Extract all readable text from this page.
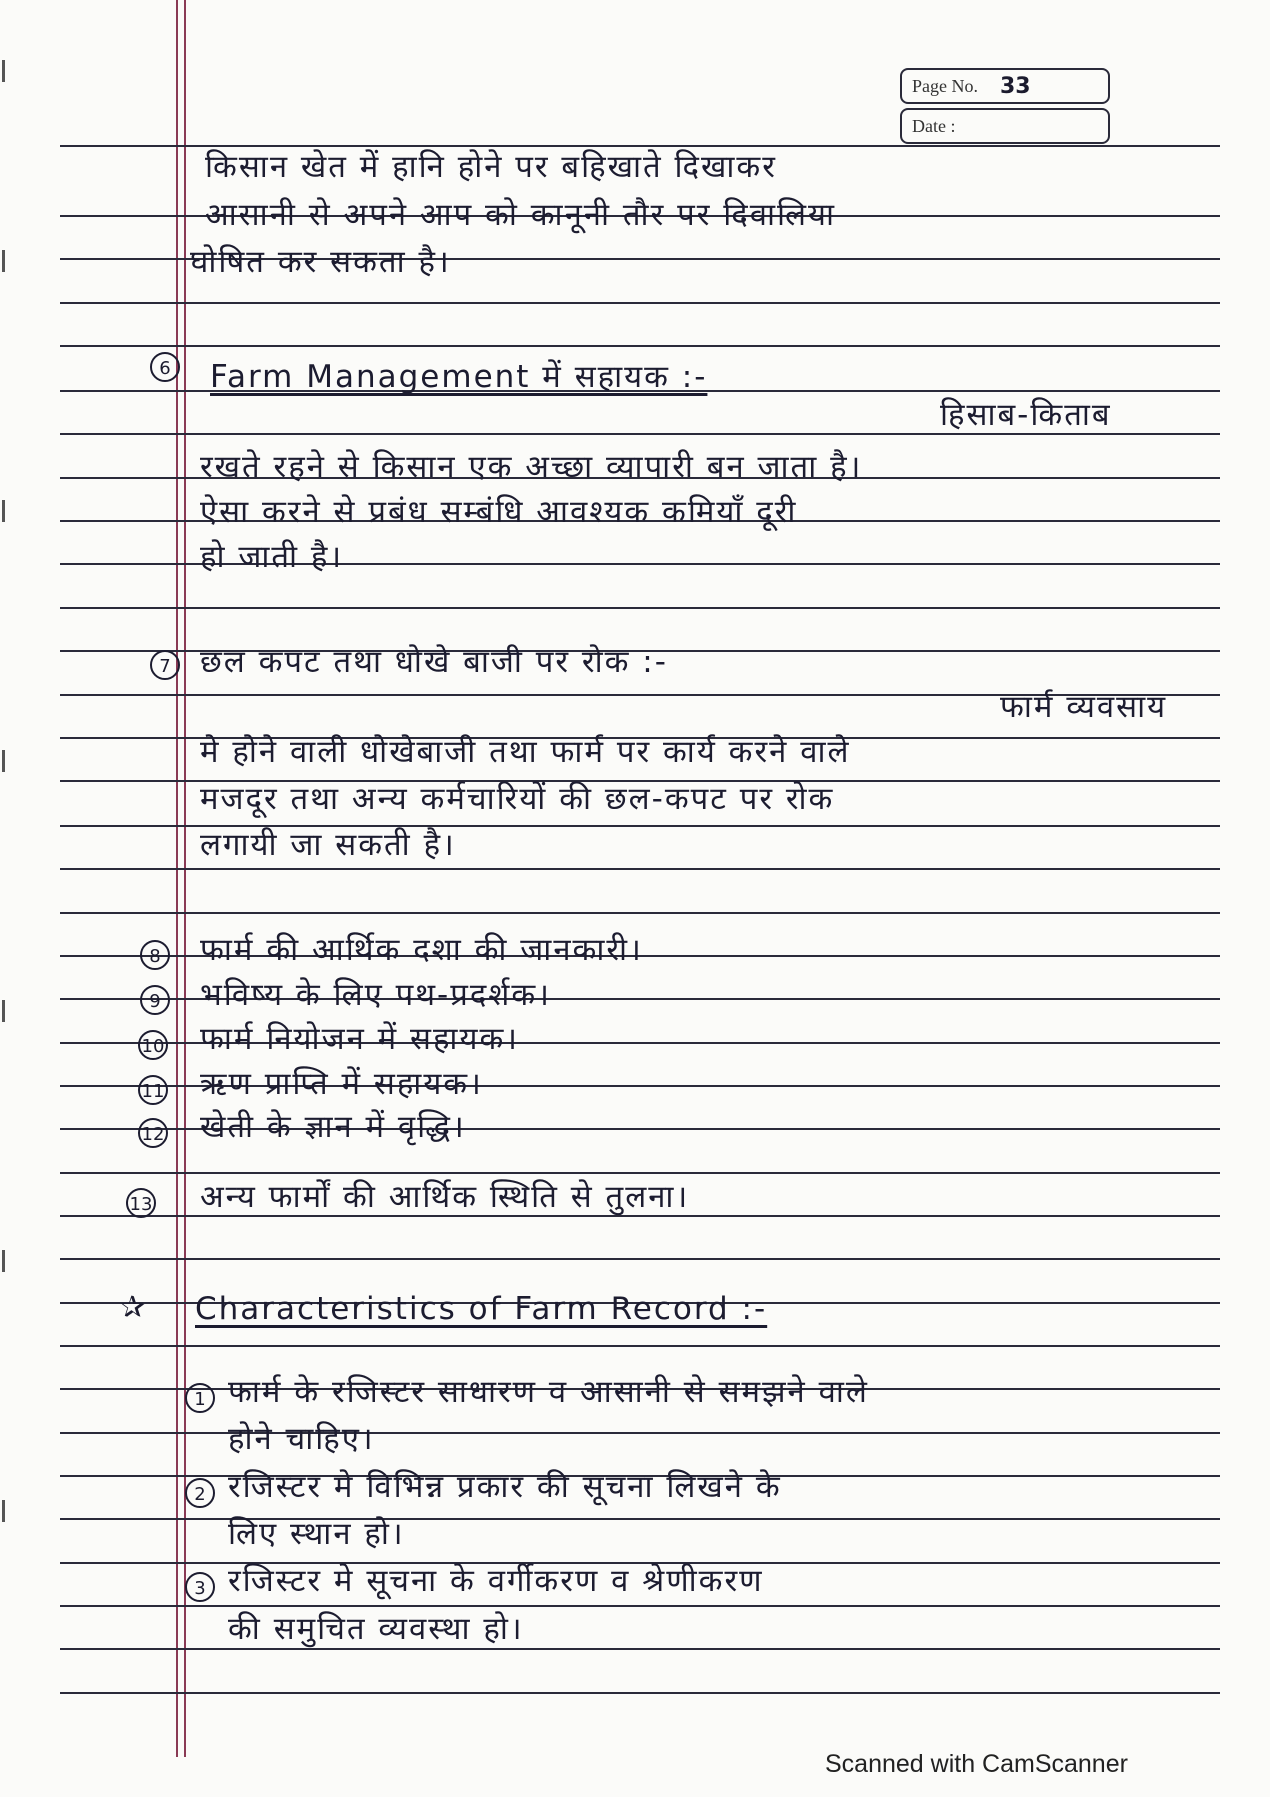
Page No. 33
Date :
किसान खेत में हानि होने पर बहिखाते दिखाकर
आसानी से अपने आप को कानूनी तौर पर दिवालिया
घोषित कर सकता है।
6 Farm Management में सहायक :-
हिसाब-किताब
रखते रहने से किसान एक अच्छा व्यापारी बन जाता है।
ऐसा करने से प्रबंध सम्बंधि आवश्यक कमियाँ दूरी
हो जाती है।
7 छल कपट तथा धोखे बाजी पर रोक :-
फार्म व्यवसाय
मे होने वाली धोखेबाजी तथा फार्म पर कार्य करने वाले
मजदूर तथा अन्य कर्मचारियों की छल-कपट पर रोक
लगायी जा सकती है।
8 फार्म की आर्थिक दशा की जानकारी।
9 भविष्य के लिए पथ-प्रदर्शक।
10 फार्म नियोजन में सहायक।
11 ऋण प्राप्ति में सहायक।
12 खेती के ज्ञान में वृद्धि।
13 अन्य फार्मों की आर्थिक स्थिति से तुलना।
✰ Characteristics of Farm Record :-
1 फार्म के रजिस्टर साधारण व आसानी से समझने वाले
होने चाहिए।
2 रजिस्टर मे विभिन्न प्रकार की सूचना लिखने के
लिए स्थान हो।
3 रजिस्टर मे सूचना के वर्गीकरण व श्रेणीकरण
की समुचित व्यवस्था हो।
Scanned with CamScanner
